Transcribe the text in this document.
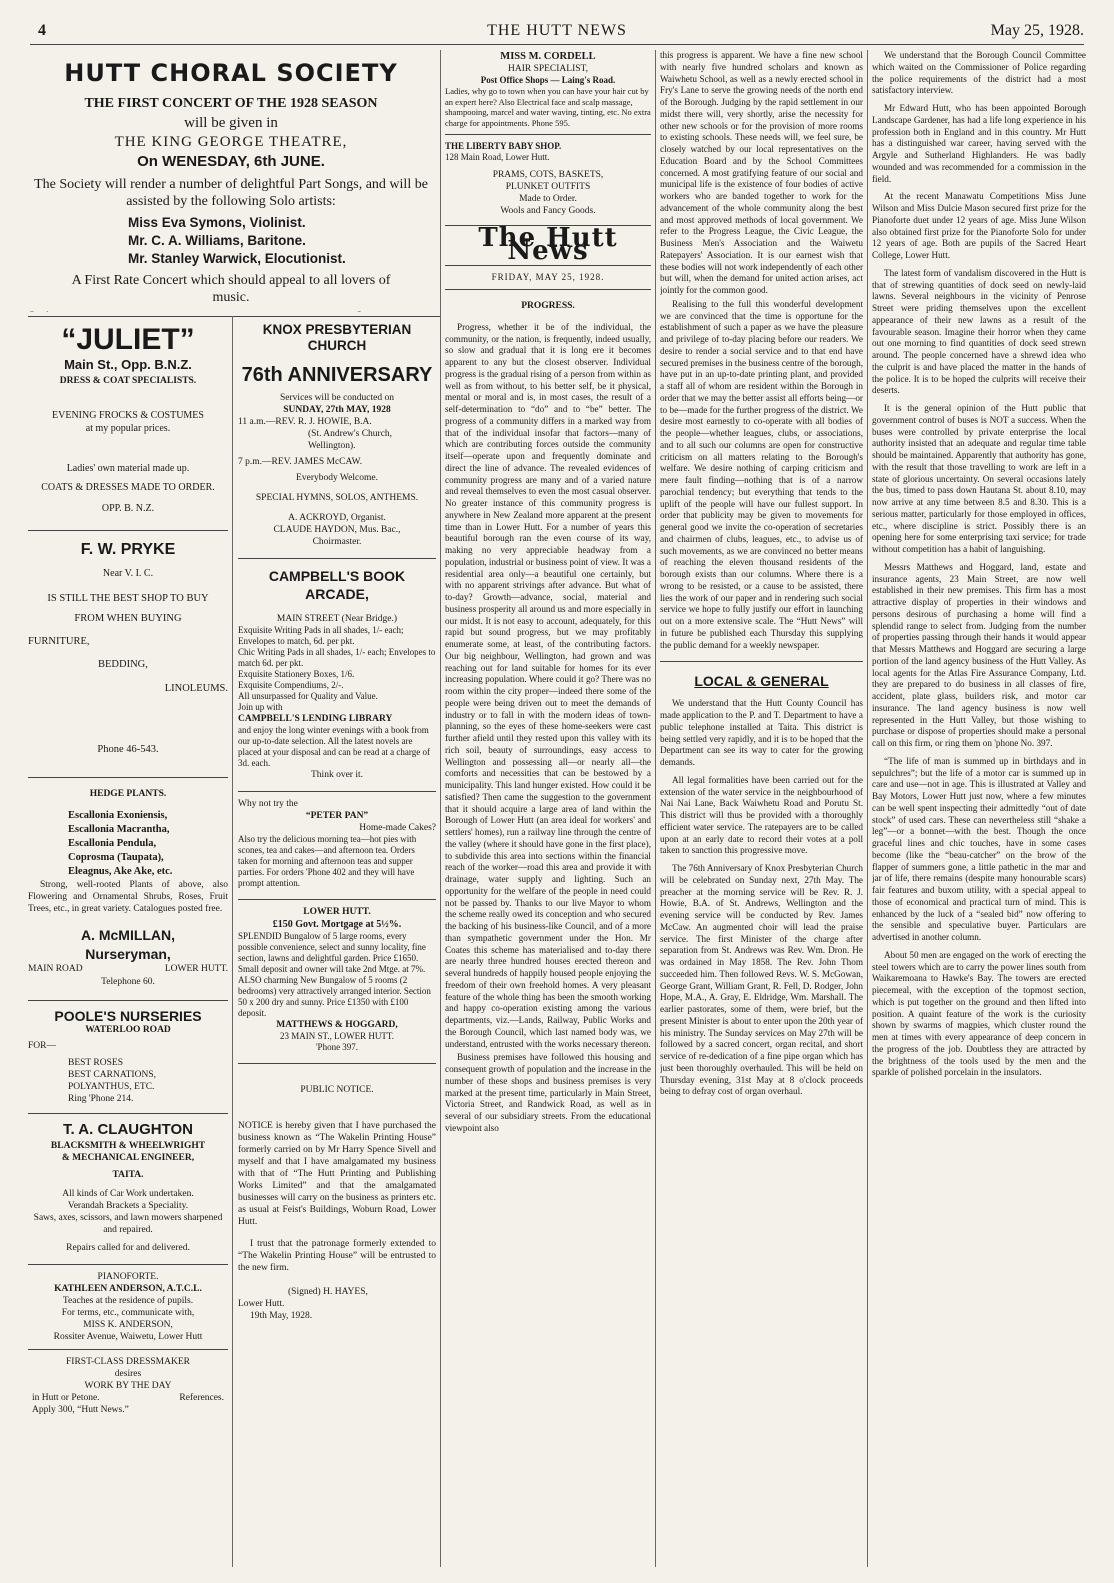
4	THE HUTT NEWS	May 25, 1928.
HUTT CHORAL SOCIETY
THE FIRST CONCERT OF THE 1928 SEASON
will be given in
THE KING GEORGE THEATRE,
On WENESDAY, 6th JUNE.
The Society will render a number of delightful Part Songs, and will be assisted by the following Solo artists:
Miss Eva Symons, Violinist.
Mr. C. A. Williams, Baritone.
Mr. Stanley Warwick, Elocutionist.
A First Rate Concert which should appeal to all lovers of music.
“JULIET”
Main St., Opp. B.N.Z.
DRESS & COAT SPECIALISTS.
EVENING FROCKS & COSTUMES
at my popular prices.
Ladies' own material made up.
COATS & DRESSES MADE TO ORDER.
OPP. B. N.Z.
F. W. PRYKE
Near V. I. C.
IS STILL THE BEST SHOP TO BUY
FROM WHEN BUYING
FURNITURE,
BEDDING,
LINOLEUMS.
Phone 46-543.
HEDGE PLANTS.
Escallonia Exoniensis,
Escallonia Macrantha,
Escallonia Pendula,
Coprosma (Taupata),
Eleagnus, Ake Ake, etc.
Strong, well-rooted Plants of above, also Flowering and Ornamental Shrubs, Roses, Fruit Trees, etc., in great variety. Catalogues posted free.
A. McMILLAN,
Nurseryman,
MAIN ROAD	LOWER HUTT.
Telephone 60.
POOLE'S NURSERIES
WATERLOO ROAD
FOR—
BEST ROSES
BEST CARNATIONS,
POLYANTHUS, ETC.
Ring 'Phone 214.
T. A. CLAUGHTON
BLACKSMITH & WHEELWRIGHT
& MECHANICAL ENGINEER,
TAITA.
All kinds of Car Work undertaken.
Verandah Brackets a Speciality.
Saws, axes, scissors, and lawn mowers sharpened and repaired.
Repairs called for and delivered.
PIANOFORTE.
KATHLEEN ANDERSON, A.T.C.L.
Teaches at the residence of pupils.
For terms, etc., communicate with,
MISS K. ANDERSON,
Rossiter Avenue, Waiwetu, Lower Hutt
FIRST-CLASS DRESSMAKER
desires
WORK BY THE DAY
in Hutt or Petone.	References.
Apply 300, “Hutt News.”
KNOX PRESBYTERIAN CHURCH
76th ANNIVERSARY
Services will be conducted on
SUNDAY, 27th MAY, 1928
11 a.m.—REV. R. J. HOWIE, B.A.
(St. Andrew's Church, Wellington).
7 p.m.—REV. JAMES McCAW.
Everybody Welcome.
SPECIAL HYMNS, SOLOS, ANTHEMS.
A. ACKROYD, Organist.
CLAUDE HAYDON, Mus. Bac., Choirmaster.
CAMPBELL'S BOOK ARCADE,
MAIN STREET (Near Bridge.)
Exquisite Writing Pads in all shades, 1/- each; Envelopes to match, 6d. per pkt.
Chic Writing Pads in all shades, 1/- each; Envelopes to match 6d. per pkt.
Exquisite Stationery Boxes, 1/6.
Exquisite Compendiums, 2/-.
All unsurpassed for Quality and Value.
Join up with
CAMPBELL'S LENDING LIBRARY
and enjoy the long winter evenings with a book from our up-to-date selection. All the latest novels are placed at your disposal and can be read at a charge of 3d. each.
Think over it.
Why not try the
“PETER PAN”
Home-made Cakes?
Also try the delicious morning tea—hot pies with scones, tea and cakes—and afternoon tea. Orders taken for morning and afternoon teas and supper parties. For orders 'Phone 402 and they will have prompt attention.
LOWER HUTT.
£150 Govt. Mortgage at 5½%.
SPLENDID Bungalow of 5 large rooms, every possible convenience, select and sunny locality, fine section, lawns and delightful garden. Price £1650. Small deposit and owner will take 2nd Mtge. at 7%.
ALSO charming New Bungalow of 5 rooms (2 bedrooms) very attractively arranged interior. Section 50 x 200 dry and sunny. Price £1350 with £100 deposit.
MATTHEWS & HOGGARD,
23 MAIN ST., LOWER HUTT.
'Phone 397.
PUBLIC NOTICE.
NOTICE is hereby given that I have purchased the business known as “The Wakelin Printing House” formerly carried on by Mr Harry Spence Sivell and myself and that I have amalgamated my business with that of “The Hutt Printing and Publishing Works Limited” and that the amalgamated businesses will carry on the business as printers etc. as usual at Feist's Buildings, Woburn Road, Lower Hutt.
I trust that the patronage formerly extended to “The Wakelin Printing House” will be entrusted to the new firm.
(Signed) H. HAYES,
Lower Hutt.
19th May, 1928.
MISS M. CORDELL
HAIR SPECIALIST,
Post Office Shops — Laing's Road.
Ladies, why go to town when you can have your hair cut by an expert here? Also Electrical face and scalp massage, shampooing, marcel and water waving, tinting, etc. No extra charge for appointments. Phone 595.
THE LIBERTY BABY SHOP.
128 Main Road, Lower Hutt.
PRAMS, COTS, BASKETS,
PLUNKET OUTFITS
Made to Order.
Wools and Fancy Goods.
The Hutt News
FRIDAY, MAY 25, 1928.
PROGRESS.
Progress, whether it be of the individual, the community, or the nation, is frequently, indeed usually, so slow and gradual that it is long ere it becomes apparent to any but the closest observer. Individual progress is the gradual rising of a person from within as well as from without, to his better self, be it physical, mental or moral and is, in most cases, the result of a self-determination to “do” and to “be” better. The progress of a community differs in a marked way from that of the individual insofar that factors—many of which are contributing forces outside the community itself—operate upon and frequently dominate and direct the line of advance. The revealed evidences of community progress are many and of a varied nature and reveal themselves to even the most casual observer. No greater instance of this community progress is anywhere in New Zealand more apparent at the present time than in Lower Hutt. For a number of years this beautiful borough ran the even course of its way, making no very appreciable headway from a population, industrial or business point of view. It was a residential area only—a beautiful one certainly, but with no apparent strivings after advance. But what of to-day? Growth—advance, social, material and business prosperity all around us and more especially in our midst. It is not easy to account, adequately, for this rapid but sound progress, but we may profitably enumerate some, at least, of the contributing factors. Our big neighbour, Wellington, had grown and was reaching out for land suitable for homes for its ever increasing population. Where could it go? There was no room within the city proper—indeed there some of the people were being driven out to meet the demands of industry or to fall in with the modern ideas of town-planning, so the eyes of these home-seekers were cast further afield until they rested upon this valley with its rich soil, beauty of surroundings, easy access to Wellington and possessing all—or nearly all—the comforts and necessities that can be bestowed by a municipality. This land hunger existed. How could it be satisfied? Then came the suggestion to the government that it should acquire a large area of land within the Borough of Lower Hutt (an area ideal for workers' and settlers' homes), run a railway line through the centre of the valley (where it should have gone in the first place), to subdivide this area into sections within the financial reach of the worker—road this area and provide it with drainage, water supply and lighting. Such an opportunity for the welfare of the people in need could not be passed by. Thanks to our live Mayor to whom the scheme really owed its conception and who secured the backing of his business-like Council, and of a more than sympathetic government under the Hon. Mr Coates this scheme has materialised and to-day there are nearly three hundred houses erected thereon and several hundreds of happily housed people enjoying the freedom of their own freehold homes. A very pleasant feature of the whole thing has been the smooth working and happy co-operation existing among the various departments, viz.—Lands, Railway, Public Works and the Borough Council, which last named body was, we understand, entrusted with the works necessary thereon.
Business premises have followed this housing and consequent growth of population and the increase in the number of these shops and business premises is very marked at the present time, particularly in Main Street, Victoria Street, and Randwick Road, as well as in several of our subsidiary streets. From the educational viewpoint also
this progress is apparent. We have a fine new school with nearly five hundred scholars and known as Waiwhetu School, as well as a newly erected school in Fry's Lane to serve the growing needs of the north end of the Borough. Judging by the rapid settlement in our midst there will, very shortly, arise the necessity for other new schools or for the provision of more rooms to existing schools. These needs will, we feel sure, be closely watched by our local representatives on the Education Board and by the School Committees concerned. A most gratifying feature of our social and municipal life is the existence of four bodies of active workers who are banded together to work for the advancement of the whole community along the best and most approved methods of local government. We refer to the Progress League, the Civic League, the Business Men's Association and the Waiwetu Ratepayers' Association. It is our earnest wish that these bodies will not work independently of each other but will, when the demand for united action arises, act jointly for the common good.
Realising to the full this wonderful development we are convinced that the time is opportune for the establishment of such a paper as we have the pleasure and privilege of to-day placing before our readers. We desire to render a social service and to that end have secured premises in the business centre of the borough, have put in an up-to-date printing plant, and provided a staff all of whom are resident within the Borough in order that we may the better assist all efforts being—or to be—made for the further progress of the district. We desire most earnestly to co-operate with all bodies of the people—whether leagues, clubs, or associations, and to all such our columns are open for constructive criticism on all matters relating to the Borough's welfare. We desire nothing of carping criticism and mere fault finding—nothing that is of a narrow parochial tendency; but everything that tends to the uplift of the people will have our fullest support. In order that publicity may be given to movements for general good we invite the co-operation of secretaries and chairmen of clubs, leagues, etc., to advise us of such movements, as we are convinced no better means of reaching the eleven thousand residents of the borough exists than our columns. Where there is a wrong to be resisted, or a cause to be assisted, there lies the work of our paper and in rendering such social service we hope to fully justify our effort in launching out on a more extensive scale. The “Hutt News” will in future be published each Thursday this supplying the public demand for a weekly newspaper.
LOCAL & GENERAL
We understand that the Hutt County Council has made application to the P. and T. Department to have a public telephone installed at Taita. This district is being settled very rapidly, and it is to be hoped that the Department can see its way to cater for the growing demands.
All legal formalities have been carried out for the extension of the water service in the neighbourhood of Nai Nai Lane, Back Waiwhetu Road and Porutu St. This district will thus be provided with a thoroughly efficient water service. The ratepayers are to be called upon at an early date to record their votes at a poll taken to sanction this progressive move.
The 76th Anniversary of Knox Presbyterian Church will be celebrated on Sunday next, 27th May. The preacher at the morning service will be Rev. R. J. Howie, B.A. of St. Andrews, Wellington and the evening service will be conducted by Rev. James McCaw. An augmented choir will lead the praise service. The first Minister of the charge after separation from St. Andrews was Rev. Wm. Dron. He was ordained in May 1858. The Rev. John Thom succeeded him. Then followed Revs. W. S. McGowan, George Grant, William Grant, R. Fell, D. Rodger, John Hope, M.A., A. Gray, E. Eldridge, Wm. Marshall. The earlier pastorates, some of them, were brief, but the present Minister is about to enter upon the 20th year of his ministry. The Sunday services on May 27th will be followed by a sacred concert, organ recital, and short service of re-dedication of a fine pipe organ which has just been thoroughly overhauled. This will be held on Thursday evening, 31st May at 8 o'clock proceeds being to defray cost of organ overhaul.
We understand that the Borough Council Committee which waited on the Commissioner of Police regarding the police requirements of the district had a most satisfactory interview.
Mr Edward Hutt, who has been appointed Borough Landscape Gardener, has had a life long experience in his profession both in England and in this country. Mr Hutt has a distinguished war career, having served with the Argyle and Sutherland Highlanders. He was badly wounded and was recommended for a commission in the field.
At the recent Manawatu Competitions Miss June Wilson and Miss Dulcie Mason secured first prize for the Pianoforte duet under 12 years of age. Miss June Wilson also obtained first prize for the Pianoforte Solo for under 12 years of age. Both are pupils of the Sacred Heart College, Lower Hutt.
The latest form of vandalism discovered in the Hutt is that of strewing quantities of dock seed on newly-laid lawns. Several neighbours in the vicinity of Penrose Street were priding themselves upon the excellent appearance of their new lawns as a result of the favourable season. Imagine their horror when they came out one morning to find quantities of dock seed strewn around. The people concerned have a shrewd idea who the culprit is and have placed the matter in the hands of the police. It is to be hoped the culprits will receive their deserts.
It is the general opinion of the Hutt public that government control of buses is NOT a success. When the buses were controlled by private enterprise the local authority insisted that an adequate and regular time table should be maintained. Apparently that authority has gone, with the result that those travelling to work are left in a state of glorious uncertainty. On several occasions lately the bus, timed to pass down Hautana St. about 8.10, may now arrive at any time between 8.5 and 8.30. This is a serious matter, particularly for those employed in offices, etc., where discipline is strict. Possibly there is an opening here for some enterprising taxi service; for trade without competition has a habit of languishing.
Messrs Matthews and Hoggard, land, estate and insurance agents, 23 Main Street, are now well established in their new premises. This firm has a most attractive display of properties in their windows and persons desirous of purchasing a home will find a splendid range to select from. Judging from the number of properties passing through their hands it would appear that Messrs Matthews and Hoggard are securing a large portion of the land agency business of the Hutt Valley. As local agents for the Atlas Fire Assurance Company, Ltd. they are prepared to do business in all classes of fire, accident, plate glass, builders risk, and motor car insurance. The land agency business is now well represented in the Hutt Valley, but those wishing to purchase or dispose of properties should make a personal call on this firm, or ring them on 'phone No. 397.
“The life of man is summed up in birthdays and in sepulchres”; but the life of a motor car is summed up in care and use—not in age. This is illustrated at Valley and Bay Motors, Lower Hutt just now, where a few minutes can be well spent inspecting their admittedly “out of date stock” of used cars. These can nevertheless still “shake a leg”—or a bonnet—with the best. Though the once graceful lines and chic touches, have in some cases become (like the “beau-catcher” on the brow of the flapper of summers gone, a little pathetic in the mar and jar of life, there remains (despite many honourable scars) fair features and buxom utility, with a special appeal to those of economical and practical turn of mind. This is enhanced by the luck of a “sealed bid” now offering to the sensible and speculative buyer. Particulars are advertised in another column.
About 50 men are engaged on the work of erecting the steel towers which are to carry the power lines south from Waikaremoana to Hawke's Bay. The towers are erected piecemeal, with the exception of the topmost section, which is put together on the ground and then lifted into position. A quaint feature of the work is the curiosity shown by swarms of magpies, which cluster round the men at times with every appearance of deep concern in the progress of the job. Doubtless they are attracted by the brightness of the tools used by the men and the sparkle of polished porcelain in the insulators.
